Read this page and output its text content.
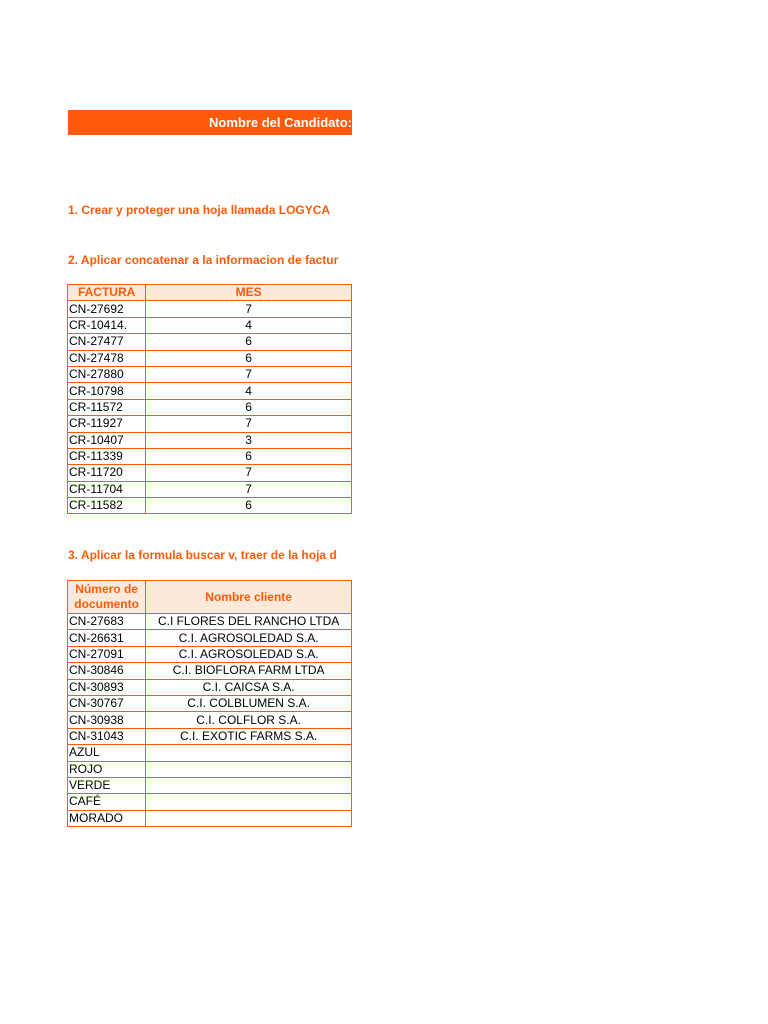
Nombre del Candidato:
1. Crear y proteger una hoja llamada LOGYCA
2. Aplicar concatenar a la informacion de factur
FACTURA	MES
CN-27692	7
CR-10414.	4
CN-27477	6
CN-27478	6
CN-27880	7
CR-10798	4
CR-11572	6
CR-11927	7
CR-10407	3
CR-11339	6
CR-11720	7
CR-11704	7
CR-11582	6
3. Aplicar la formula buscar v, traer de la hoja d
Número de documento	Nombre cliente
CN-27683	C.I FLORES DEL RANCHO LTDA
CN-26631	C.I. AGROSOLEDAD S.A.
CN-27091	C.I. AGROSOLEDAD S.A.
CN-30846	C.I. BIOFLORA FARM LTDA
CN-30893	C.I. CAICSA S.A.
CN-30767	C.I. COLBLUMEN S.A.
CN-30938	C.I. COLFLOR S.A.
CN-31043	C.I. EXOTIC FARMS S.A.
AZUL	
ROJO	
VERDE	
CAFÉ	
MORADO	
